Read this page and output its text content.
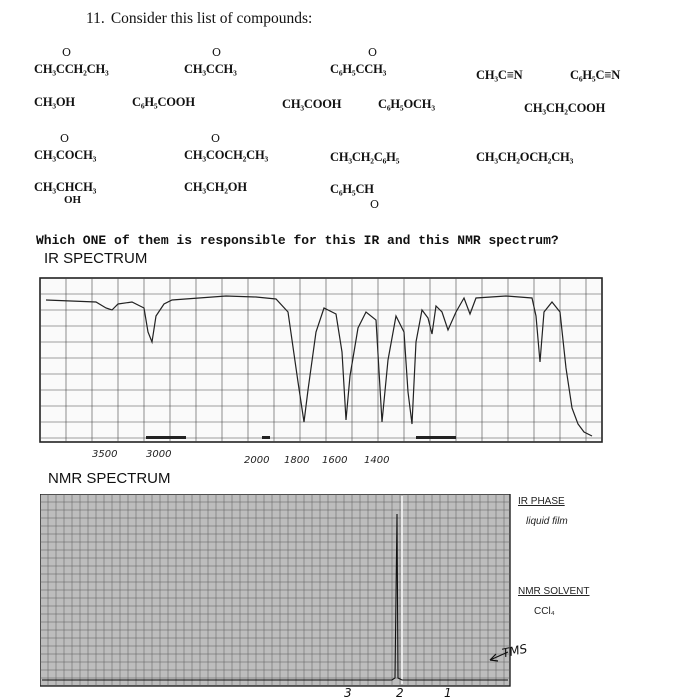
11. Consider this list of compounds:
CH₃CCH₂CH₃
O
CH₃CCH₃
O
C₆H₅CCH₃
O
CH₃C≡N	C₆H₅C≡N
CH₃OH	C₆H₅COOH	CH₃COOH	C₆H₅OCH₃	CH₃CH₂COOH
CH₃COCH₃
O
CH₃COCH₂CH₃
O
CH₃CH₂C₆H₅	CH₃CH₂OCH₂CH₃
CH₃CHCH₃
OH
CH₃CH₂OH	C₆H₅CH
O
Which ONE of them is responsible for this IR and this NMR spectrum?
IR SPECTRUM
3500	3000
2000 1800 1600 1400
NMR SPECTRUM
3	2	1
IR PHASE
liquid film
NMR SOLVENT
CCl₄
TMS
